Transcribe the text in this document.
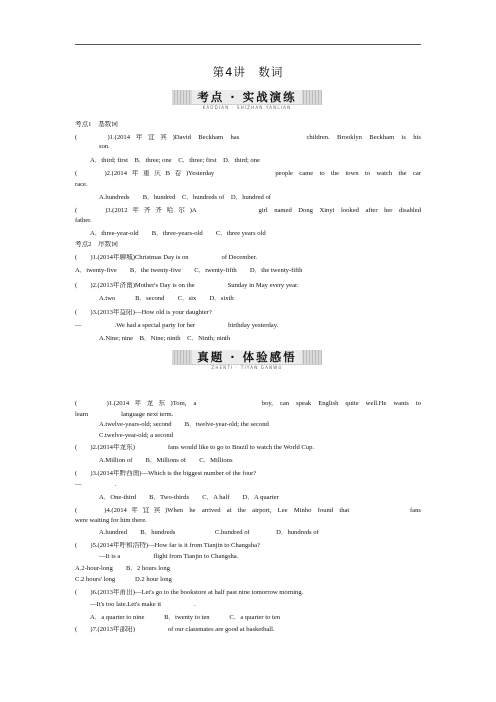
第4讲　数词
考点 · 实战演练
KAODIAN · SHIZHAN YANLIAN
考点1　基数词
(　　)1.(2014年宜宾)David Beckham has　　　　　children. Brooklyn Beckham is his
son.
A．third; first　B．three; one　C．three; first　D．third; one
(　　)2.(2014年重庆B卷)Yesterday　　　　　people came to the town to watch the car
race.
A.hundreds　　B．hundred　C．hundreds of　D．hundred of
(　　)3.(2012年齐齐哈尔)A　　　　　girl named Dong Xinyi looked after her disabled
father.
A．three-year-old　　B．three-years-old　　C．three years old
考点2　序数词
(　　)1.(2014年聊城)Christmas Day is on　　　　　of December.
A．twenty-five　　B．the twenty-five　　C．twenty-fifth　　D．the twenty-fifth
(　　)2.(2013年济南)Mother's Day is on the　　　　　Sunday in May every year.
A.two　　　B．second　　C．six　　D．sixth
(　　)3.(2013年益阳)—How old is your daughter?
—　　　　　.We had a special party for her　　　　　birthday yesterday.
A.Nine; nine　B．Nine; ninth　C．Ninth; ninth
真题 · 体验感悟
ZHENTI · TIYAN GANWU
(　　)1.(2014年龙东)Tom, a　　　　　boy, can speak English quite well.He wants to
learn　　　　　language next term.
A.twelve-years-old; second　　B．twelve-year-old; the second
C.twelve-year-old; a second
(　　)2.(2014年龙东)　　　　　fans would like to go to Brazil to watch the World Cup.
A.Million of　　B．Millions of　　C．Millions
(　　)3.(2014年黔西南)—Which is the biggest number of the four?
—　　　　　.
A．One-third　　B．Two-thirds　　C．A half　　D．A quarter
(　　)4.(2014年宜宾)When he arrived at the airport, Lee Minho found that　　　　　fans
were waiting for him there.
A.hundred　　B．hundreds　　　　　　C.hundred of　　　　D．hundreds of
(　　)5.(2014年呼和浩特)—How far is it from Tianjin to Changsha?
—It is a　　　　　flight from Tianjin to Changsha.
A.2-hour-long　　B．2 hours long
C.2 hours' long　　　D.2 hour long
(　　)6.(2013年莆田)—Let's go to the bookstore at half past nine tomorrow morning.
—It's too late.Let's make it　　　　　.
A．a quarter to nine　　　B．twenty to ten　　　C．a quarter to ten
(　　)7.(2013年邵阳)　　　　　of our classmates are good at basketball.
